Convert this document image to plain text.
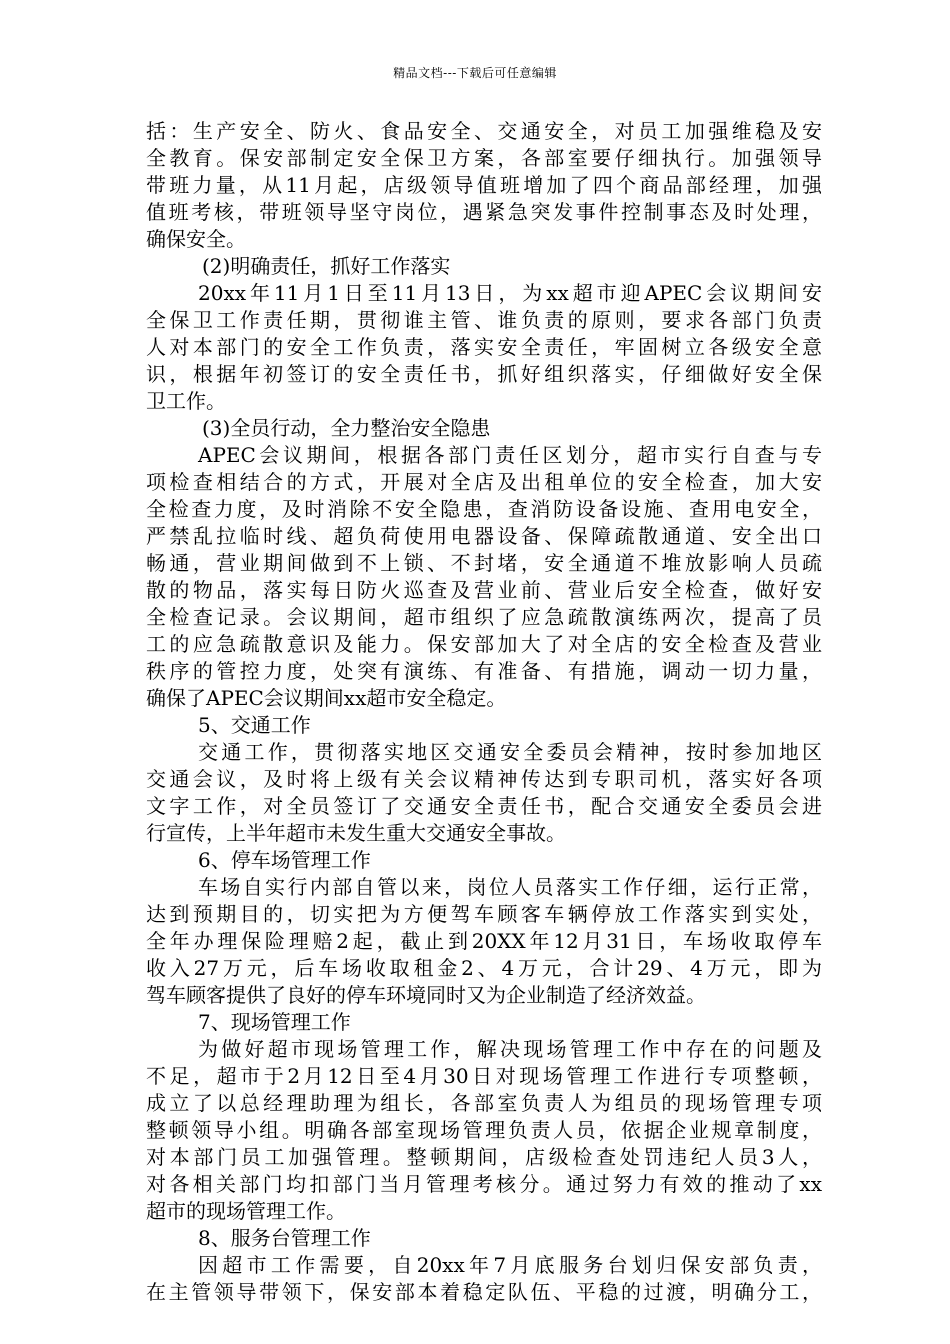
精品文档---下载后可任意编辑
括：生产安全、防火、食品安全、交通安全，对员工加强维稳及安
全教育。保安部制定安全保卫方案，各部室要仔细执行。加强领导
带班力量，从11月起，店级领导值班增加了四个商品部经理，加强
值班考核，带班领导坚守岗位，遇紧急突发事件控制事态及时处理，
确保安全。
(2)明确责任，抓好工作落实
20xx年11月1日至11月13日，为xx超市迎APEC会议期间安
全保卫工作责任期，贯彻谁主管、谁负责的原则，要求各部门负责
人对本部门的安全工作负责，落实安全责任，牢固树立各级安全意
识，根据年初签订的安全责任书，抓好组织落实，仔细做好安全保
卫工作。
(3)全员行动，全力整治安全隐患
APEC会议期间，根据各部门责任区划分，超市实行自查与专
项检查相结合的方式，开展对全店及出租单位的安全检查，加大安
全检查力度，及时消除不安全隐患，查消防设备设施、查用电安全，
严禁乱拉临时线、超负荷使用电器设备、保障疏散通道、安全出口
畅通，营业期间做到不上锁、不封堵，安全通道不堆放影响人员疏
散的物品，落实每日防火巡查及营业前、营业后安全检查，做好安
全检查记录。会议期间，超市组织了应急疏散演练两次，提高了员
工的应急疏散意识及能力。保安部加大了对全店的安全检查及营业
秩序的管控力度，处突有演练、有准备、有措施，调动一切力量，
确保了APEC会议期间xx超市安全稳定。
5、交通工作
交通工作，贯彻落实地区交通安全委员会精神，按时参加地区
交通会议，及时将上级有关会议精神传达到专职司机，落实好各项
文字工作，对全员签订了交通安全责任书，配合交通安全委员会进
行宣传，上半年超市未发生重大交通安全事故。
6、停车场管理工作
车场自实行内部自管以来，岗位人员落实工作仔细，运行正常，
达到预期目的，切实把为方便驾车顾客车辆停放工作落实到实处，
全年办理保险理赔2起，截止到20XX年12月31日，车场收取停车
收入27万元，后车场收取租金2、4万元，合计29、4万元，即为
驾车顾客提供了良好的停车环境同时又为企业制造了经济效益。
7、现场管理工作
为做好超市现场管理工作，解决现场管理工作中存在的问题及
不足，超市于2月12日至4月30日对现场管理工作进行专项整顿，
成立了以总经理助理为组长，各部室负责人为组员的现场管理专项
整顿领导小组。明确各部室现场管理负责人员，依据企业规章制度，
对本部门员工加强管理。整顿期间，店级检查处罚违纪人员3人，
对各相关部门均扣部门当月管理考核分。通过努力有效的推动了xx
超市的现场管理工作。
8、服务台管理工作
因超市工作需要，自20xx年7月底服务台划归保安部负责，
在主管领导带领下，保安部本着稳定队伍、平稳的过渡，明确分工，
